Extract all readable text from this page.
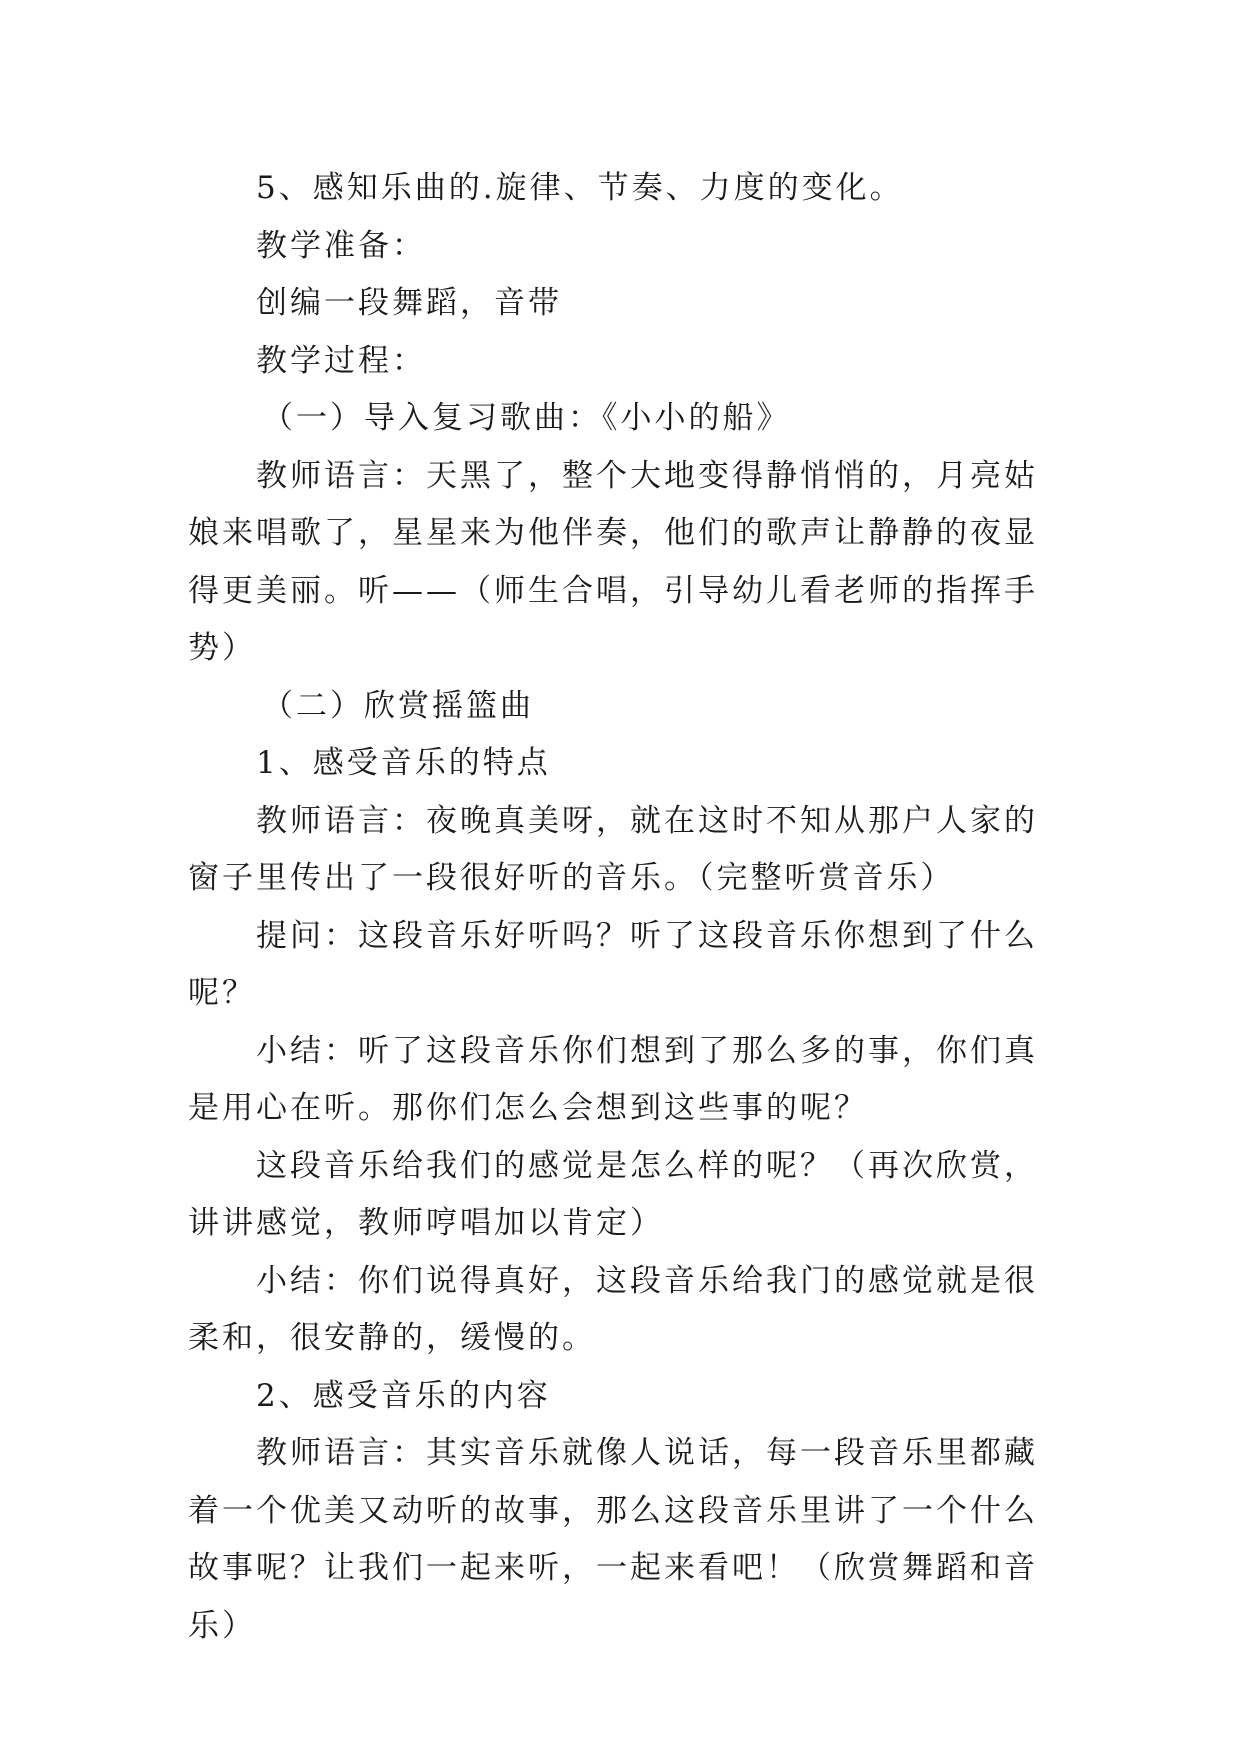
5、感知乐曲的.旋律、节奏、力度的变化。

教学准备：

创编一段舞蹈，音带

教学过程：

（一）导入复习歌曲：《小小的船》

教师语言：天黑了，整个大地变得静悄悄的，月亮姑娘来唱歌了，星星来为他伴奏，他们的歌声让静静的夜显得更美丽。听——（师生合唱，引导幼儿看老师的指挥手势）

（二）欣赏摇篮曲

1、感受音乐的特点

教师语言：夜晚真美呀，就在这时不知从那户人家的窗子里传出了一段很好听的音乐。（完整听赏音乐）

提问：这段音乐好听吗？听了这段音乐你想到了什么呢？

小结：听了这段音乐你们想到了那么多的事，你们真是用心在听。那你们怎么会想到这些事的呢？

这段音乐给我们的感觉是怎么样的呢？（再次欣赏，讲讲感觉，教师哼唱加以肯定）

小结：你们说得真好，这段音乐给我门的感觉就是很柔和，很安静的，缓慢的。

2、感受音乐的内容

教师语言：其实音乐就像人说话，每一段音乐里都藏着一个优美又动听的故事，那么这段音乐里讲了一个什么故事呢？让我们一起来听，一起来看吧！（欣赏舞蹈和音乐）
